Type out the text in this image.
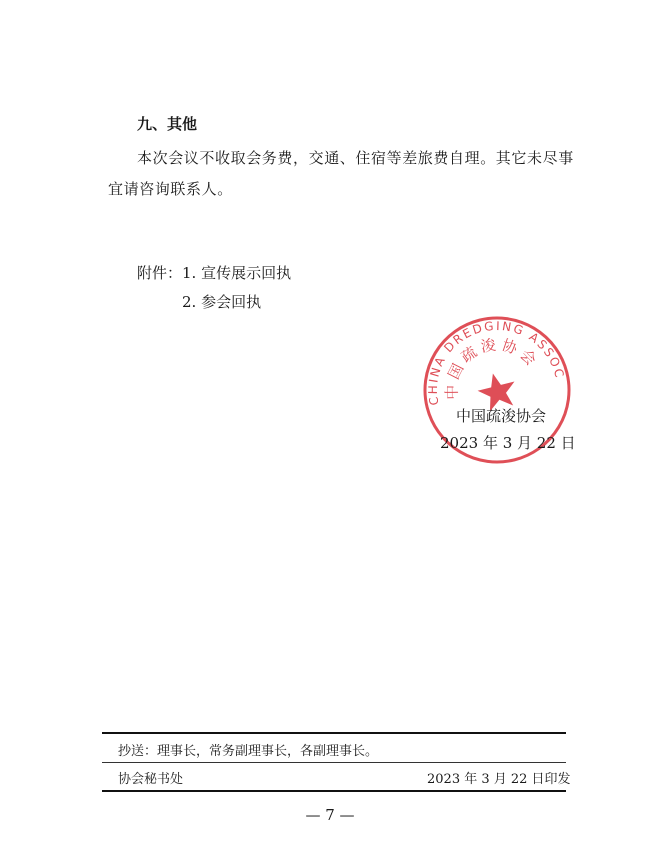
九、其他
本次会议不收取会务费，交通、住宿等差旅费自理。其它未尽事
宜请咨询联系人。
附件：1. 宣传展示回执
2. 参会回执
CHINA DREDGING ASSOCIATION
中国疏浚协会
中国疏浚协会
2023 年 3 月 22 日
抄送：理事长，常务副理事长，各副理事长。
协会秘书处	2023 年 3 月 22 日印发
— 7 —
